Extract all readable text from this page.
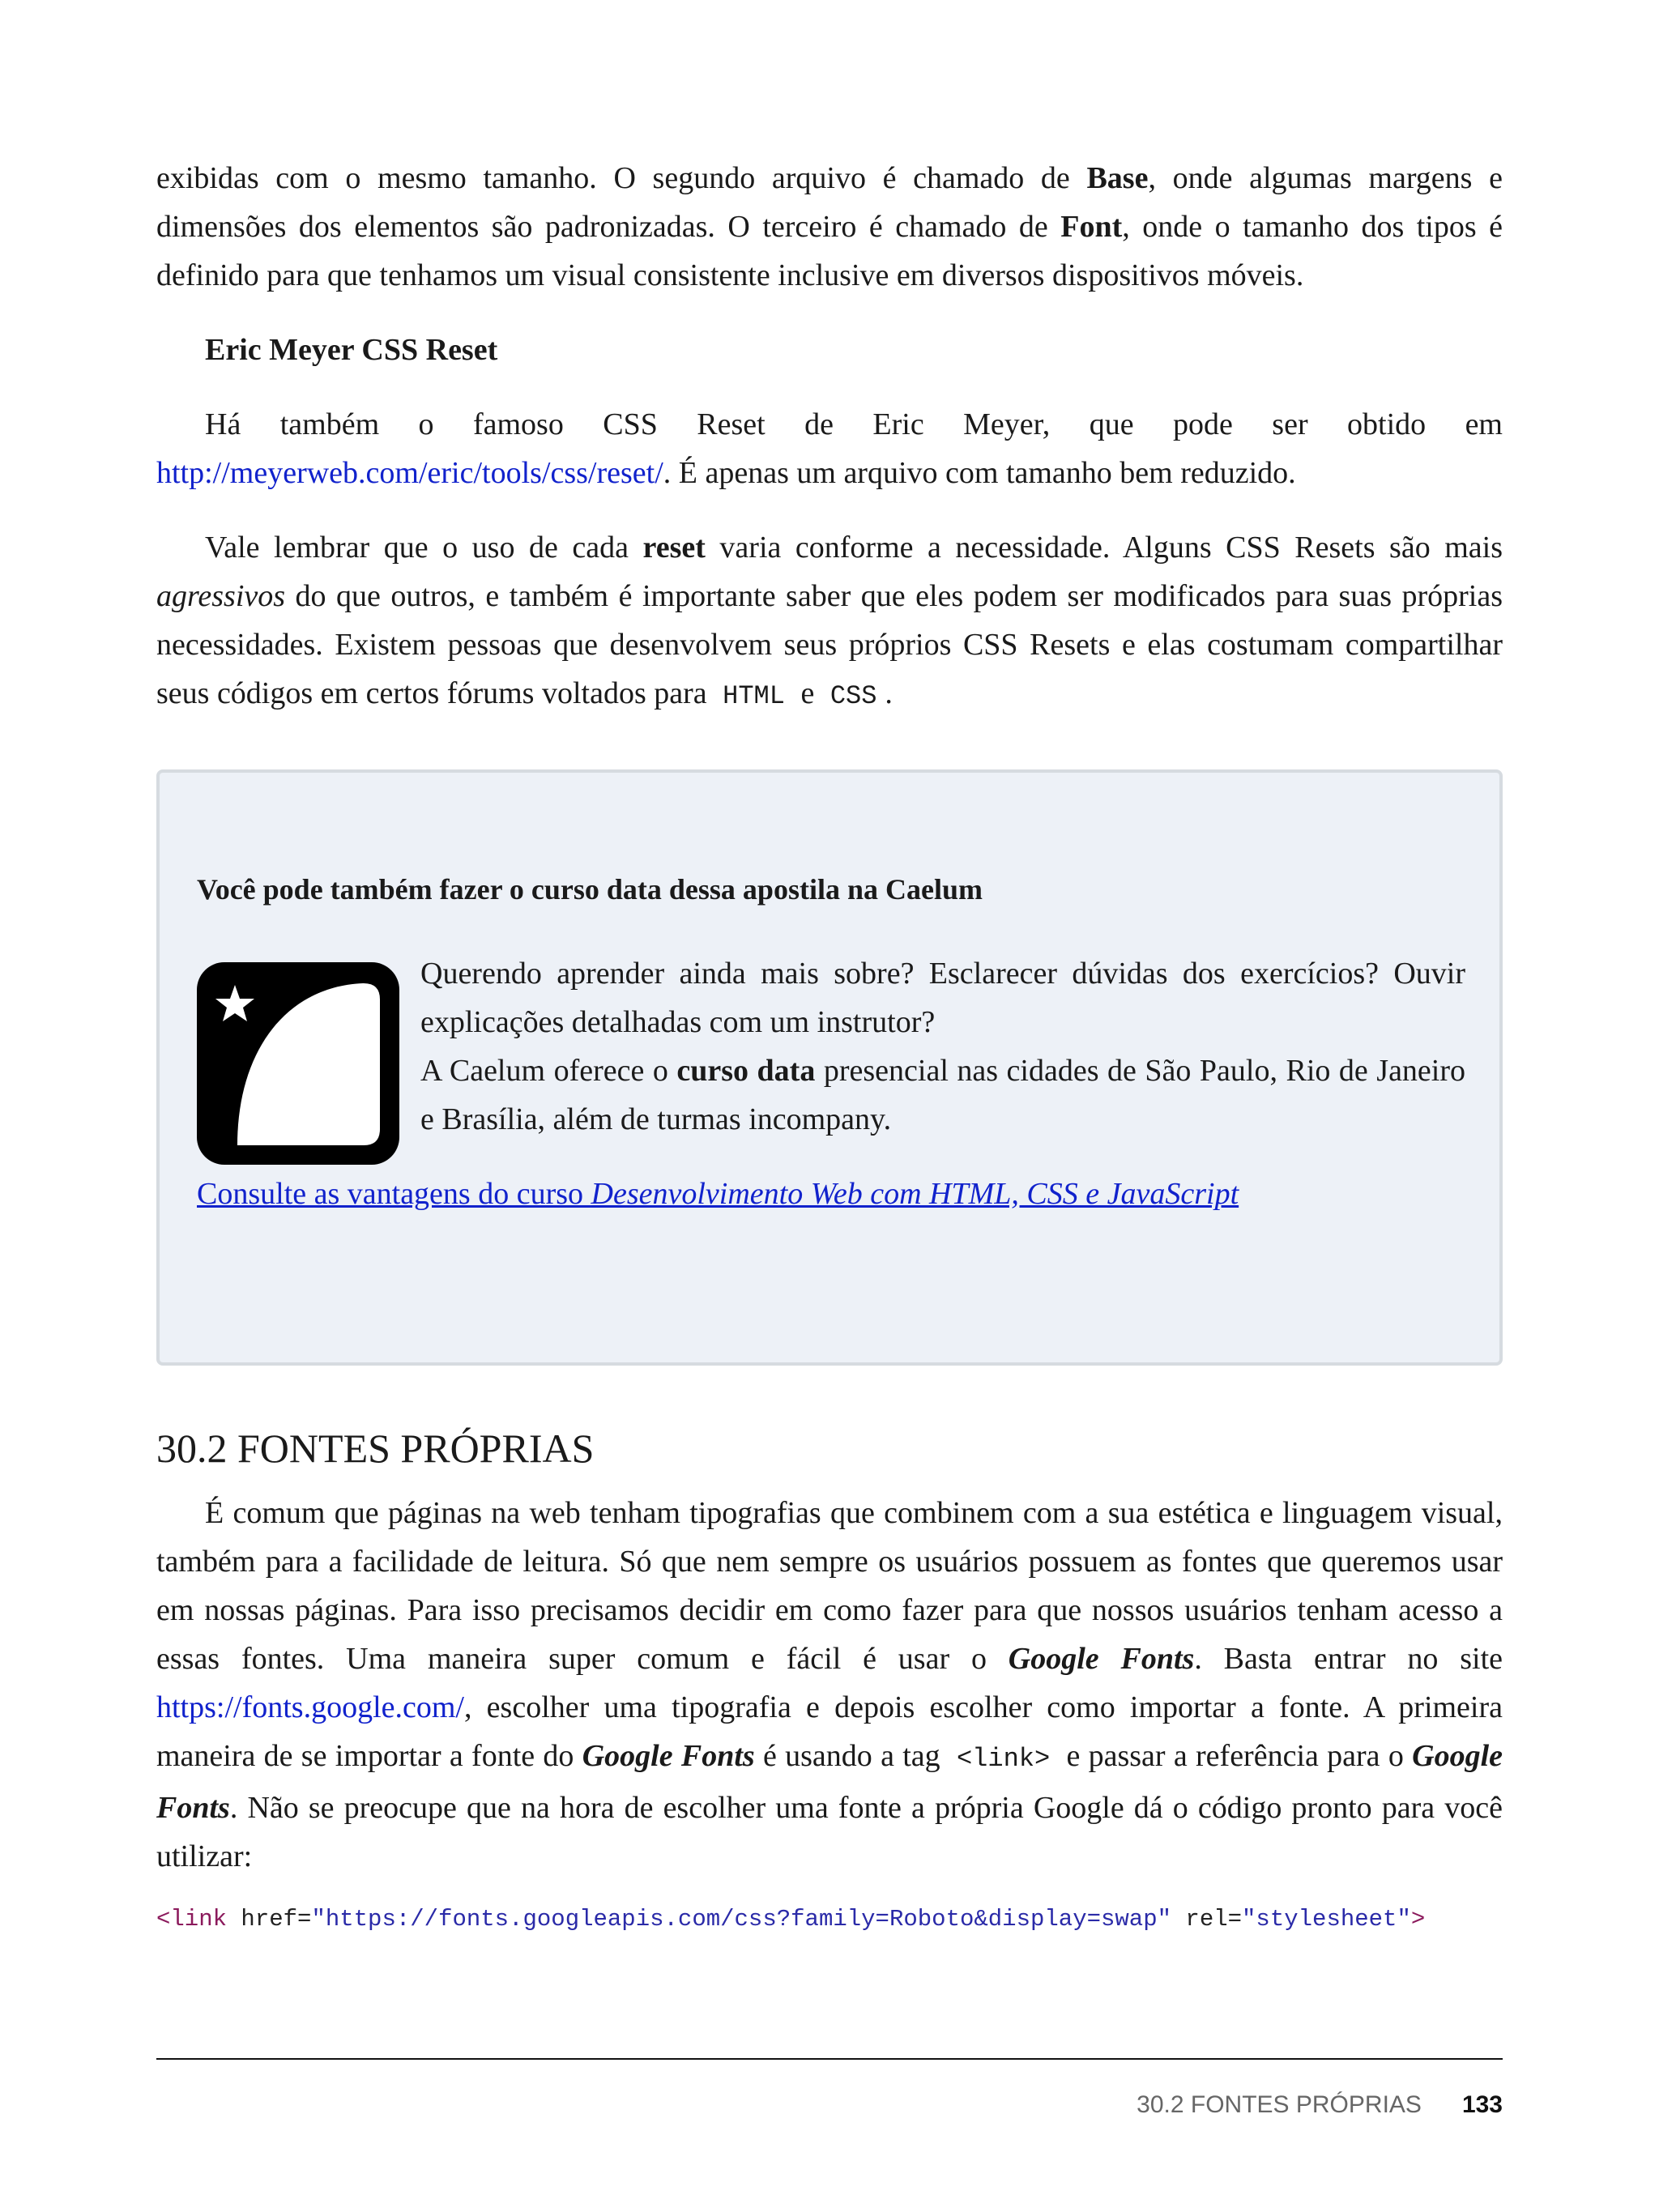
exibidas com o mesmo tamanho. O segundo arquivo é chamado de Base, onde algumas margens e dimensões dos elementos são padronizadas. O terceiro é chamado de Font, onde o tamanho dos tipos é definido para que tenhamos um visual consistente inclusive em diversos dispositivos móveis.

Eric Meyer CSS Reset

Há também o famoso CSS Reset de Eric Meyer, que pode ser obtido em http://meyerweb.com/eric/tools/css/reset/. É apenas um arquivo com tamanho bem reduzido.

Vale lembrar que o uso de cada reset varia conforme a necessidade. Alguns CSS Resets são mais agressivos do que outros, e também é importante saber que eles podem ser modificados para suas próprias necessidades. Existem pessoas que desenvolvem seus próprios CSS Resets e elas costumam compartilhar seus códigos em certos fórums voltados para HTML e CSS .

Você pode também fazer o curso data dessa apostila na Caelum

Querendo aprender ainda mais sobre? Esclarecer dúvidas dos exercícios? Ouvir explicações detalhadas com um instrutor?
A Caelum oferece o curso data presencial nas cidades de São Paulo, Rio de Janeiro e Brasília, além de turmas incompany.

Consulte as vantagens do curso Desenvolvimento Web com HTML, CSS e JavaScript

30.2 FONTES PRÓPRIAS

É comum que páginas na web tenham tipografias que combinem com a sua estética e linguagem visual, também para a facilidade de leitura. Só que nem sempre os usuários possuem as fontes que queremos usar em nossas páginas. Para isso precisamos decidir em como fazer para que nossos usuários tenham acesso a essas fontes. Uma maneira super comum e fácil é usar o Google Fonts. Basta entrar no site https://fonts.google.com/, escolher uma tipografia e depois escolher como importar a fonte. A primeira maneira de se importar a fonte do Google Fonts é usando a tag <link> e passar a referência para o Google Fonts. Não se preocupe que na hora de escolher uma fonte a própria Google dá o código pronto para você utilizar:

<link href="https://fonts.googleapis.com/css?family=Roboto&display=swap" rel="stylesheet">
30.2 FONTES PRÓPRIAS 133
